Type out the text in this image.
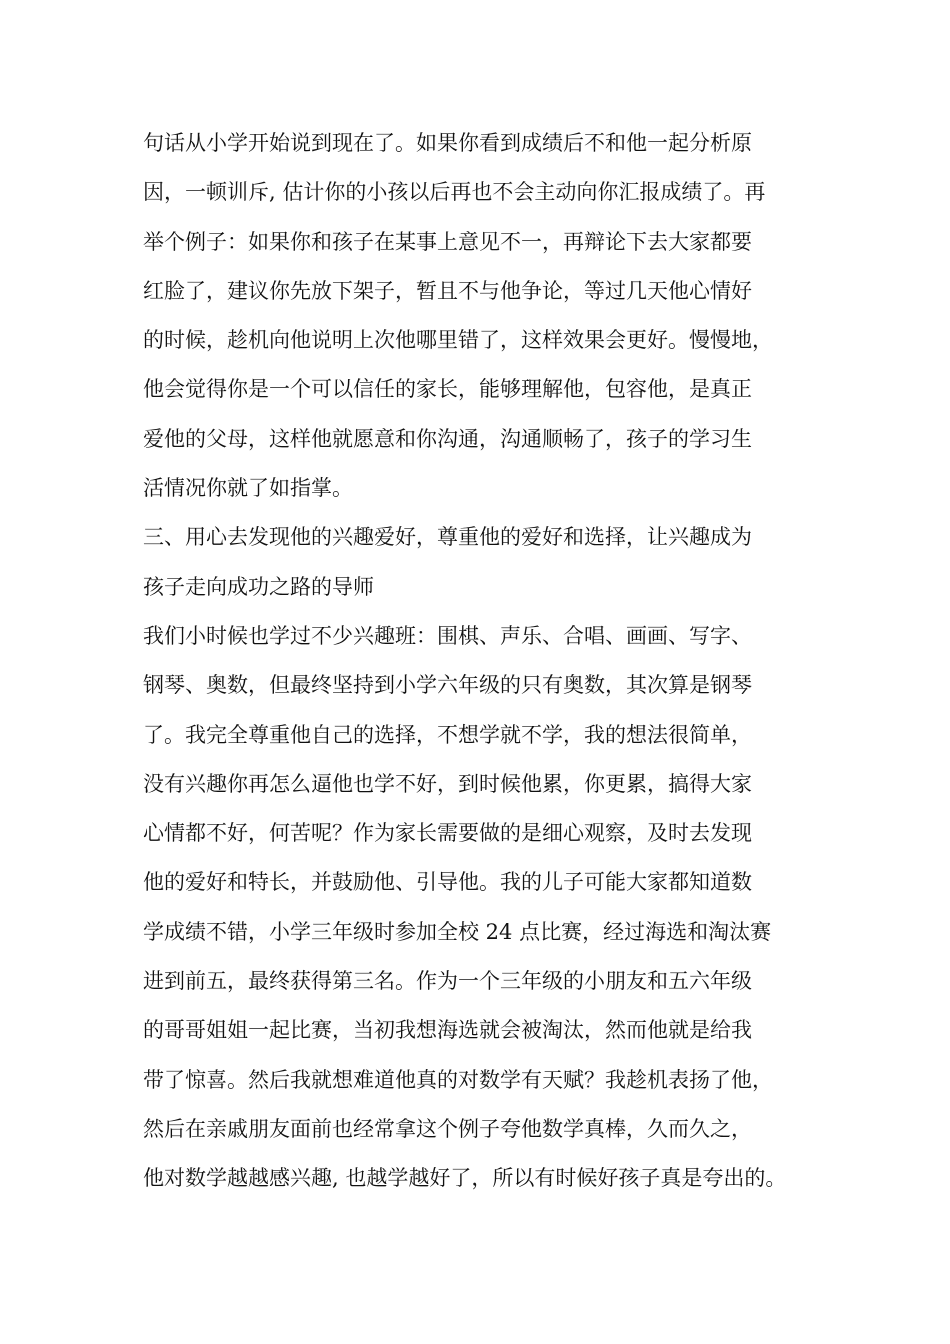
句话从小学开始说到现在了。如果你看到成绩后不和他一起分析原
因，一顿训斥, 估计你的小孩以后再也不会主动向你汇报成绩了。再
举个例子：如果你和孩子在某事上意见不一，再辩论下去大家都要
红脸了，建议你先放下架子，暂且不与他争论，等过几天他心情好
的时候，趁机向他说明上次他哪里错了，这样效果会更好。慢慢地，
他会觉得你是一个可以信任的家长，能够理解他，包容他，是真正
爱他的父母，这样他就愿意和你沟通，沟通顺畅了，孩子的学习生
活情况你就了如指掌。
三、用心去发现他的兴趣爱好，尊重他的爱好和选择，让兴趣成为
孩子走向成功之路的导师
我们小时候也学过不少兴趣班：围棋、声乐、合唱、画画、写字、
钢琴、奥数，但最终坚持到小学六年级的只有奥数，其次算是钢琴
了。我完全尊重他自己的选择，不想学就不学，我的想法很简单，
没有兴趣你再怎么逼他也学不好，到时候他累，你更累，搞得大家
心情都不好，何苦呢？作为家长需要做的是细心观察，及时去发现
他的爱好和特长，并鼓励他、引导他。我的儿子可能大家都知道数
学成绩不错，小学三年级时参加全校 24 点比赛，经过海选和淘汰赛
进到前五，最终获得第三名。作为一个三年级的小朋友和五六年级
的哥哥姐姐一起比赛，当初我想海选就会被淘汰，然而他就是给我
带了惊喜。然后我就想难道他真的对数学有天赋？我趁机表扬了他，
然后在亲戚朋友面前也经常拿这个例子夸他数学真棒，久而久之，
他对数学越越感兴趣, 也越学越好了，所以有时候好孩子真是夸出的。
